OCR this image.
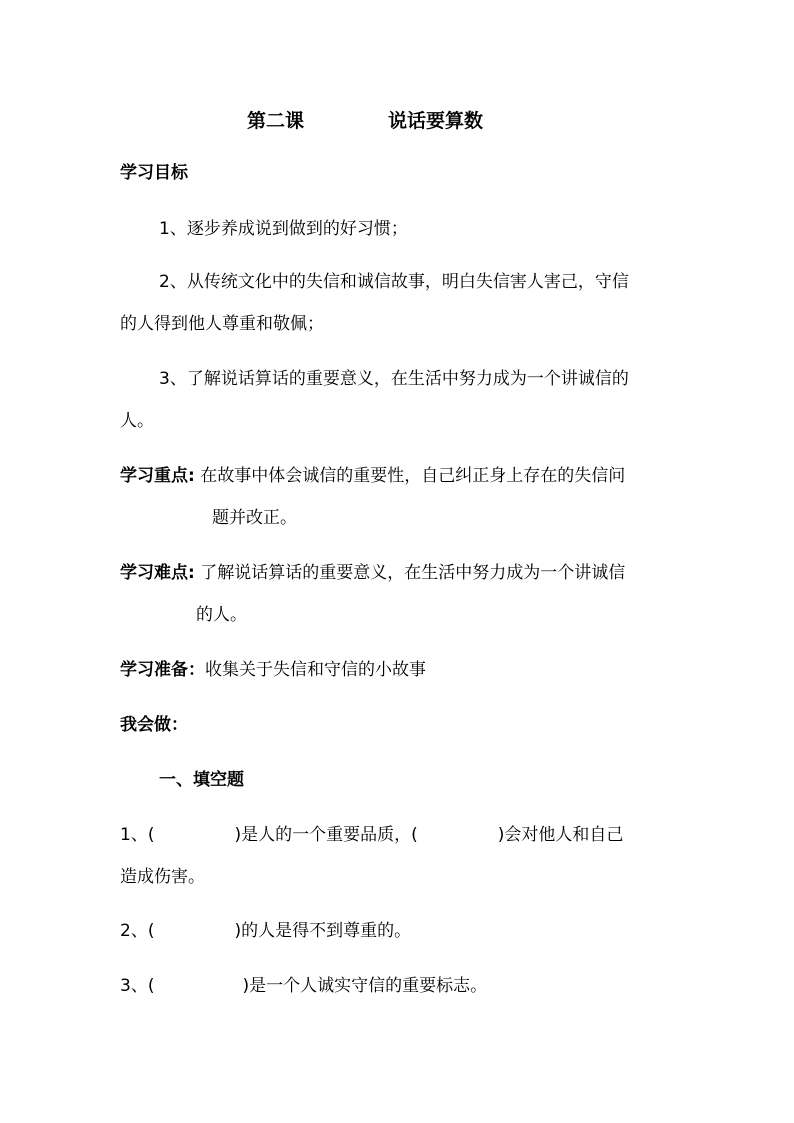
第二课	说话要算数
学习目标
1、逐步养成说到做到的好习惯；
2、从传统文化中的失信和诚信故事，明白失信害人害己，守信
的人得到他人尊重和敬佩；
3、了解说话算话的重要意义，在生活中努力成为一个讲诚信的
人。
学习重点: 在故事中体会诚信的重要性，自己纠正身上存在的失信问
题并改正。
学习难点: 了解说话算话的重要意义，在生活中努力成为一个讲诚信
的人。
学习准备：收集关于失信和守信的小故事
我会做：
一、填空题
1、(	)是人的一个重要品质，(	)会对他人和自己
造成伤害。
2、(	)的人是得不到尊重的。
3、(	)是一个人诚实守信的重要标志。
